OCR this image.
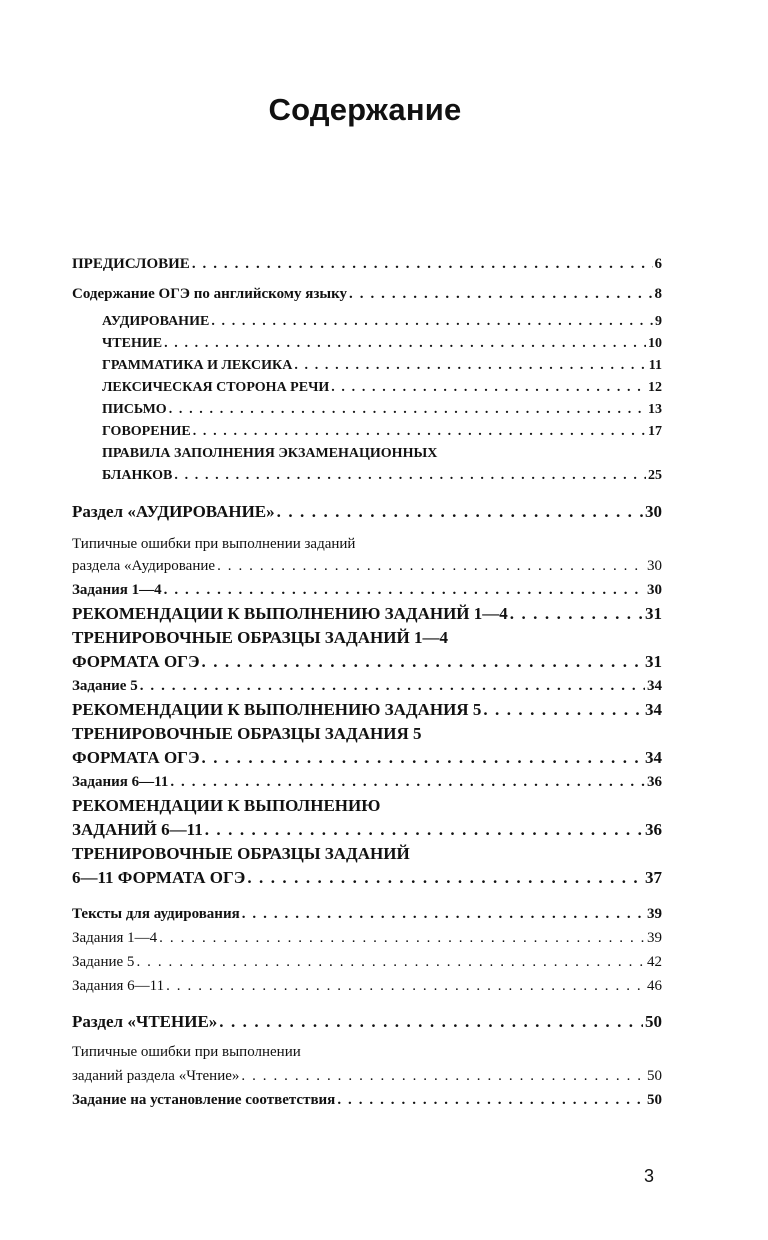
Содержание
ПРЕДИСЛОВИЕ . . .	6
Содержание ОГЭ по английскому языку . . .	8
АУДИРОВАНИЕ . . .	9
ЧТЕНИЕ . . .	10
ГРАММАТИКА И ЛЕКСИКА . . .	11
ЛЕКСИЧЕСКАЯ СТОРОНА РЕЧИ . . .	12
ПИСЬМО . . .	13
ГОВОРЕНИЕ . . .	17
ПРАВИЛА ЗАПОЛНЕНИЯ ЭКЗАМЕНАЦИОННЫХ
БЛАНКОВ . . .	25
Раздел «АУДИРОВАНИЕ» . . .	30
Типичные ошибки при выполнении заданий
раздела «Аудирование . . .	30
Задания 1—4 . . .	30
РЕКОМЕНДАЦИИ К ВЫПОЛНЕНИЮ ЗАДАНИЙ 1—4 . . .	31
ТРЕНИРОВОЧНЫЕ ОБРАЗЦЫ ЗАДАНИЙ 1—4
ФОРМАТА ОГЭ . . .	31
Задание 5 . . .	34
РЕКОМЕНДАЦИИ К ВЫПОЛНЕНИЮ ЗАДАНИЯ 5 . . .	34
ТРЕНИРОВОЧНЫЕ ОБРАЗЦЫ ЗАДАНИЯ 5
ФОРМАТА ОГЭ . . .	34
Задания 6—11 . . .	36
РЕКОМЕНДАЦИИ К ВЫПОЛНЕНИЮ
ЗАДАНИЙ 6—11 . . .	36
ТРЕНИРОВОЧНЫЕ ОБРАЗЦЫ ЗАДАНИЙ
6—11 ФОРМАТА ОГЭ . . .	37
Тексты для аудирования . . .	39
Задания 1—4 . . .	39
Задание 5 . . .	42
Задания 6—11 . . .	46
Раздел «ЧТЕНИЕ» . . .	50
Типичные ошибки при выполнении
заданий раздела «Чтение» . . .	50
Задание на установление соответствия . . .	50
3
